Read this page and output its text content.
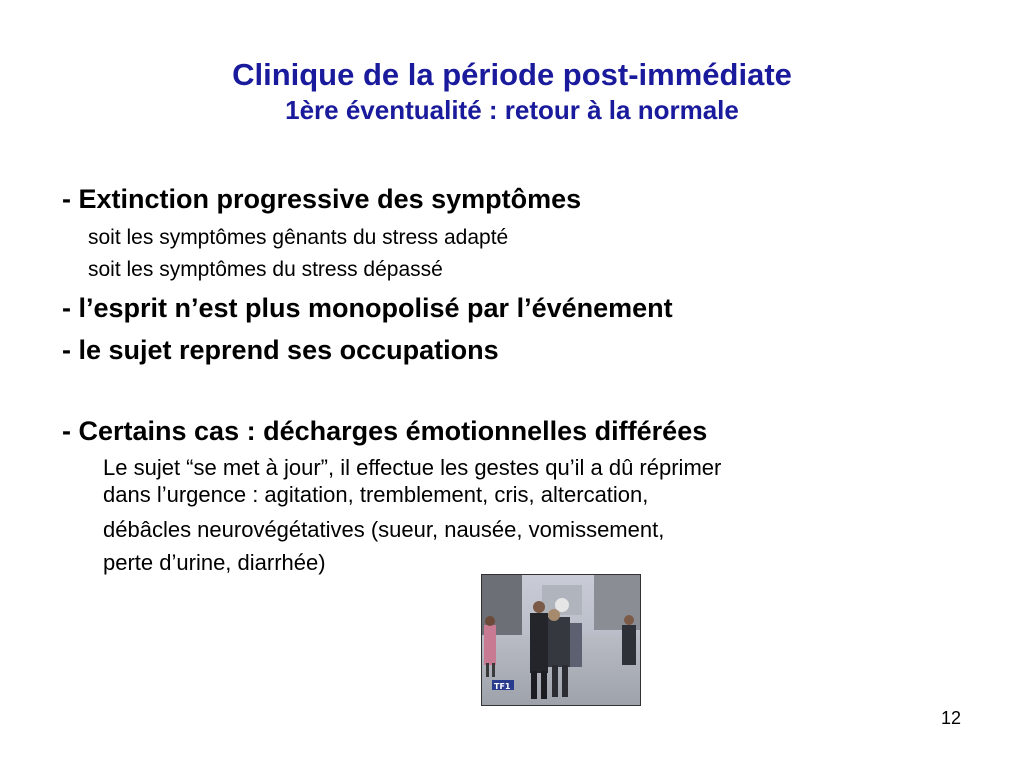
Clinique de la période post-immédiate
1ère éventualité : retour à la normale
- Extinction progressive des symptômes
soit les symptômes gênants du stress adapté
soit les symptômes du stress dépassé
- l’esprit n’est plus monopolisé par l’événement
- le sujet reprend ses occupations
- Certains cas : décharges émotionnelles différées
Le sujet “se met à jour”, il effectue les gestes qu’il a dû réprimer
dans l’urgence : agitation, tremblement, cris, altercation,
débâcles neurovégétatives (sueur, nausée, vomissement,
perte d’urine, diarrhée)
TF1
12
